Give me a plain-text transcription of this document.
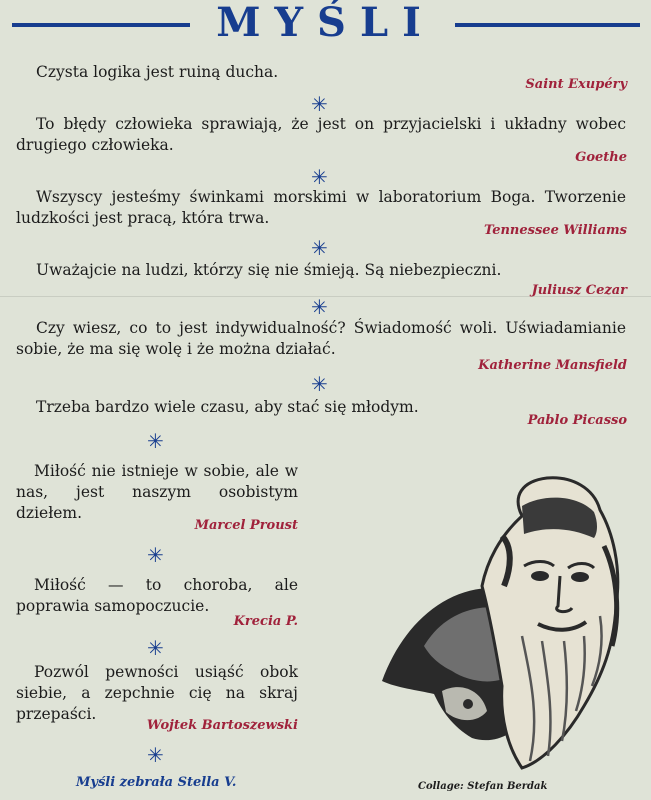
MYŚLI

Czysta logika jest ruiną ducha.

Saint Exupéry
✳

To błędy człowieka sprawiają, że jest on przyjacielski i układny wobec drugiego człowieka.

Goethe
✳

Wszyscy jesteśmy świnkami morskimi w laboratorium Boga. Tworzenie ludzkości jest pracą, która trwa.

Tennessee Williams
✳

Uważajcie na ludzi, którzy się nie śmieją. Są niebezpieczni.

Juliusz Cezar
✳

Czy wiesz, co to jest indywidualność? Świadomość woli. Uświadamianie sobie, że ma się wolę i że można działać.

Katherine Mansfield
✳

Trzeba bardzo wiele czasu, aby stać się młodym.

Pablo Picasso
✳

Miłość nie istnieje w sobie, ale w nas, jest naszym osobistym dziełem.

Marcel Proust
✳

Miłość — to choroba, ale poprawia samopoczucie.

Krecia P.
✳

Pozwól pewności usiąść obok siebie, a zepchnie cię na skraj przepaści.

Wojtek Bartoszewski
✳
Myśli zebrała Stella V.	Collage: Stefan Berdak
